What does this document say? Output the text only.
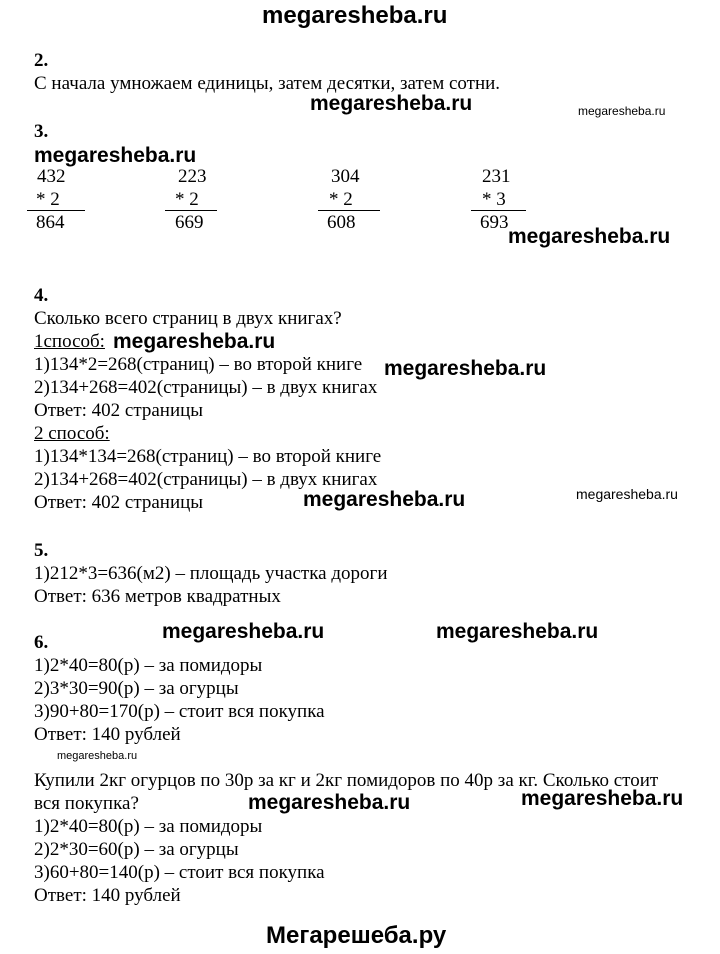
megaresheba.ru
2.
С начала умножаем единицы, затем десятки, затем сотни.
megaresheba.ru	megaresheba.ru
3.
megaresheba.ru
432
* 2
864
223
* 2
669
304
* 2
608
231
* 3
693
megaresheba.ru
4.
Сколько всего страниц в двух книгах?
1способ: megaresheba.ru
1)134*2=268(страниц) – во второй книге megaresheba.ru
2)134+268=402(страницы) – в двух книгах
Ответ: 402 страницы
2 способ:
1)134*134=268(страниц) – во второй книге
2)134+268=402(страницы) – в двух книгах
Ответ: 402 страницы	megaresheba.ru	megaresheba.ru
5.
1)212*3=636(м2) – площадь участка дороги
Ответ: 636 метров квадратных
6.	megaresheba.ru	megaresheba.ru
1)2*40=80(р) – за помидоры
2)3*30=90(р) – за огурцы
3)90+80=170(р) – стоит вся покупка
Ответ: 140 рублей
megaresheba.ru
Купили 2кг огурцов по 30р за кг и 2кг помидоров по 40р за кг. Сколько стоит
вся покупка?	megaresheba.ru	megaresheba.ru
1)2*40=80(р) – за помидоры
2)2*30=60(р) – за огурцы
3)60+80=140(р) – стоит вся покупка
Ответ: 140 рублей
Мегарешеба.ру
